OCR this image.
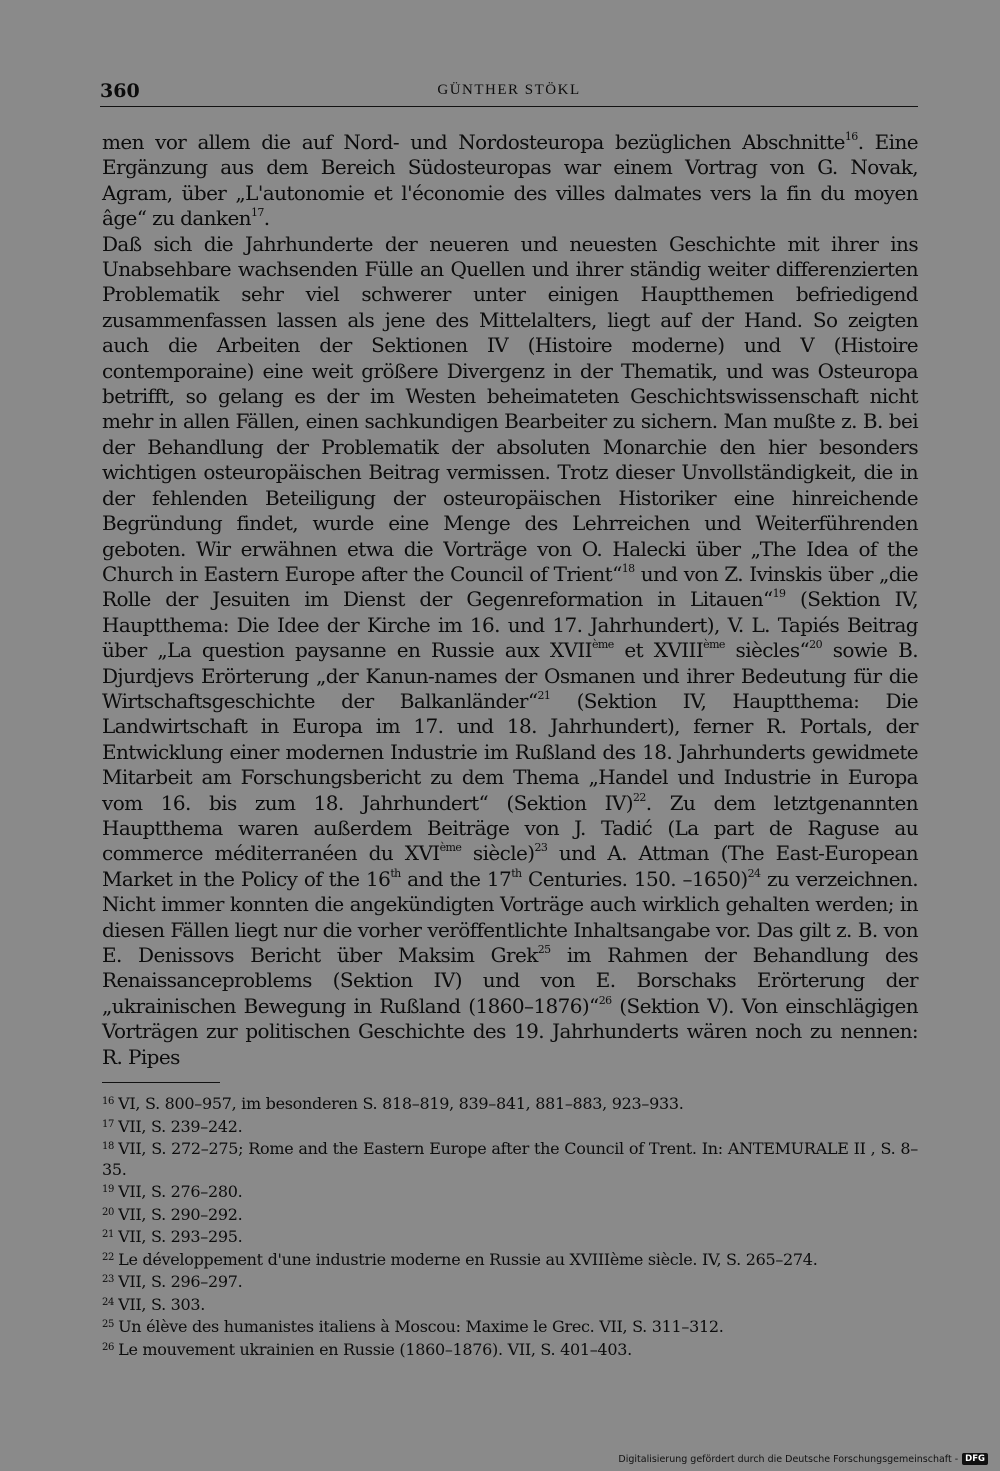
360	GÜNTHER STÖKL

men vor allem die auf Nord- und Nordosteuropa bezüglichen Abschnitte$^{16}$. Eine Ergänzung aus dem Bereich Südosteuropas war einem Vortrag von G. Novak, Agram, über „L'autonomie et l'économie des villes dalmates vers la fin du moyen âge“ zu danken$^{17}$.

Daß sich die Jahrhunderte der neueren und neuesten Geschichte mit ihrer ins Unabsehbare wachsenden Fülle an Quellen und ihrer ständig weiter differenzierten Problematik sehr viel schwerer unter einigen Hauptthemen befriedigend zusammenfassen lassen als jene des Mittelalters, liegt auf der Hand. So zeigten auch die Arbeiten der Sektionen IV (Histoire moderne) und V (Histoire contemporaine) eine weit größere Divergenz in der Thematik, und was Osteuropa betrifft, so gelang es der im Westen beheimateten Geschichtswissenschaft nicht mehr in allen Fällen, einen sachkundigen Bearbeiter zu sichern. Man mußte z. B. bei der Behandlung der Problematik der absoluten Monarchie den hier besonders wichtigen osteuropäischen Beitrag vermissen. Trotz dieser Unvollständigkeit, die in der fehlenden Beteiligung der osteuropäischen Historiker eine hinreichende Begründung findet, wurde eine Menge des Lehrreichen und Weiterführenden geboten. Wir erwähnen etwa die Vorträge von O. Halecki über „The Idea of the Church in Eastern Europe after the Council of Trient“$^{18}$ und von Z. Ivinskis über „die Rolle der Jesuiten im Dienst der Gegenreformation in Litauen“$^{19}$ (Sektion IV, Hauptthema: Die Idee der Kirche im 16. und 17. Jahrhundert), V. L. Tapiés Beitrag über „La question paysanne en Russie aux XVIIème et XVIIIème siècles“$^{20}$ sowie B. Djurdjevs Erörterung „der Kanun-names der Osmanen und ihrer Bedeutung für die Wirtschaftsgeschichte der Balkanländer“$^{21}$ (Sektion IV, Hauptthema: Die Landwirtschaft in Europa im 17. und 18. Jahrhundert), ferner R. Portals, der Entwicklung einer modernen Industrie im Rußland des 18. Jahrhunderts gewidmete Mitarbeit am Forschungsbericht zu dem Thema „Handel und Industrie in Europa vom 16. bis zum 18. Jahrhundert“ (Sektion IV)$^{22}$. Zu dem letztgenannten Hauptthema waren außerdem Beiträge von J. Tadić (La part de Raguse au commerce méditerranéen du XVIème siècle)$^{23}$ und A. Attman (The East-European Market in the Policy of the 16th and the 17th Centuries. 150. –1650)$^{24}$ zu verzeichnen. Nicht immer konnten die angekündigten Vorträge auch wirklich gehalten werden; in diesen Fällen liegt nur die vorher veröffentlichte Inhaltsangabe vor. Das gilt z. B. von E. Denissovs Bericht über Maksim Grek$^{25}$ im Rahmen der Behandlung des Renaissanceproblems (Sektion IV) und von E. Borschaks Erörterung der „ukrainischen Bewegung in Rußland (1860–1876)“$^{26}$ (Sektion V). Von einschlägigen Vorträgen zur politischen Geschichte des 19. Jahrhunderts wären noch zu nennen: R. Pipes

$^{16}$ VI, S. 800–957, im besonderen S. 818–819, 839–841, 881–883, 923–933.
$^{17}$ VII, S. 239–242.
$^{18}$ VII, S. 272–275; Rome and the Eastern Europe after the Council of Trent. In: ANTEMURALE II , S. 8–35.
$^{19}$ VII, S. 276–280.
$^{20}$ VII, S. 290–292.
$^{21}$ VII, S. 293–295.
$^{22}$ Le développement d'une industrie moderne en Russie au XVIIIème siècle. IV, S. 265–274.
$^{23}$ VII, S. 296–297.
$^{24}$ VII, S. 303.
$^{25}$ Un élève des humanistes italiens à Moscou: Maxime le Grec. VII, S. 311–312.
$^{26}$ Le mouvement ukrainien en Russie (1860–1876). VII, S. 401–403.
Digitalisierung gefördert durch die Deutsche Forschungsgemeinschaft - DFG
